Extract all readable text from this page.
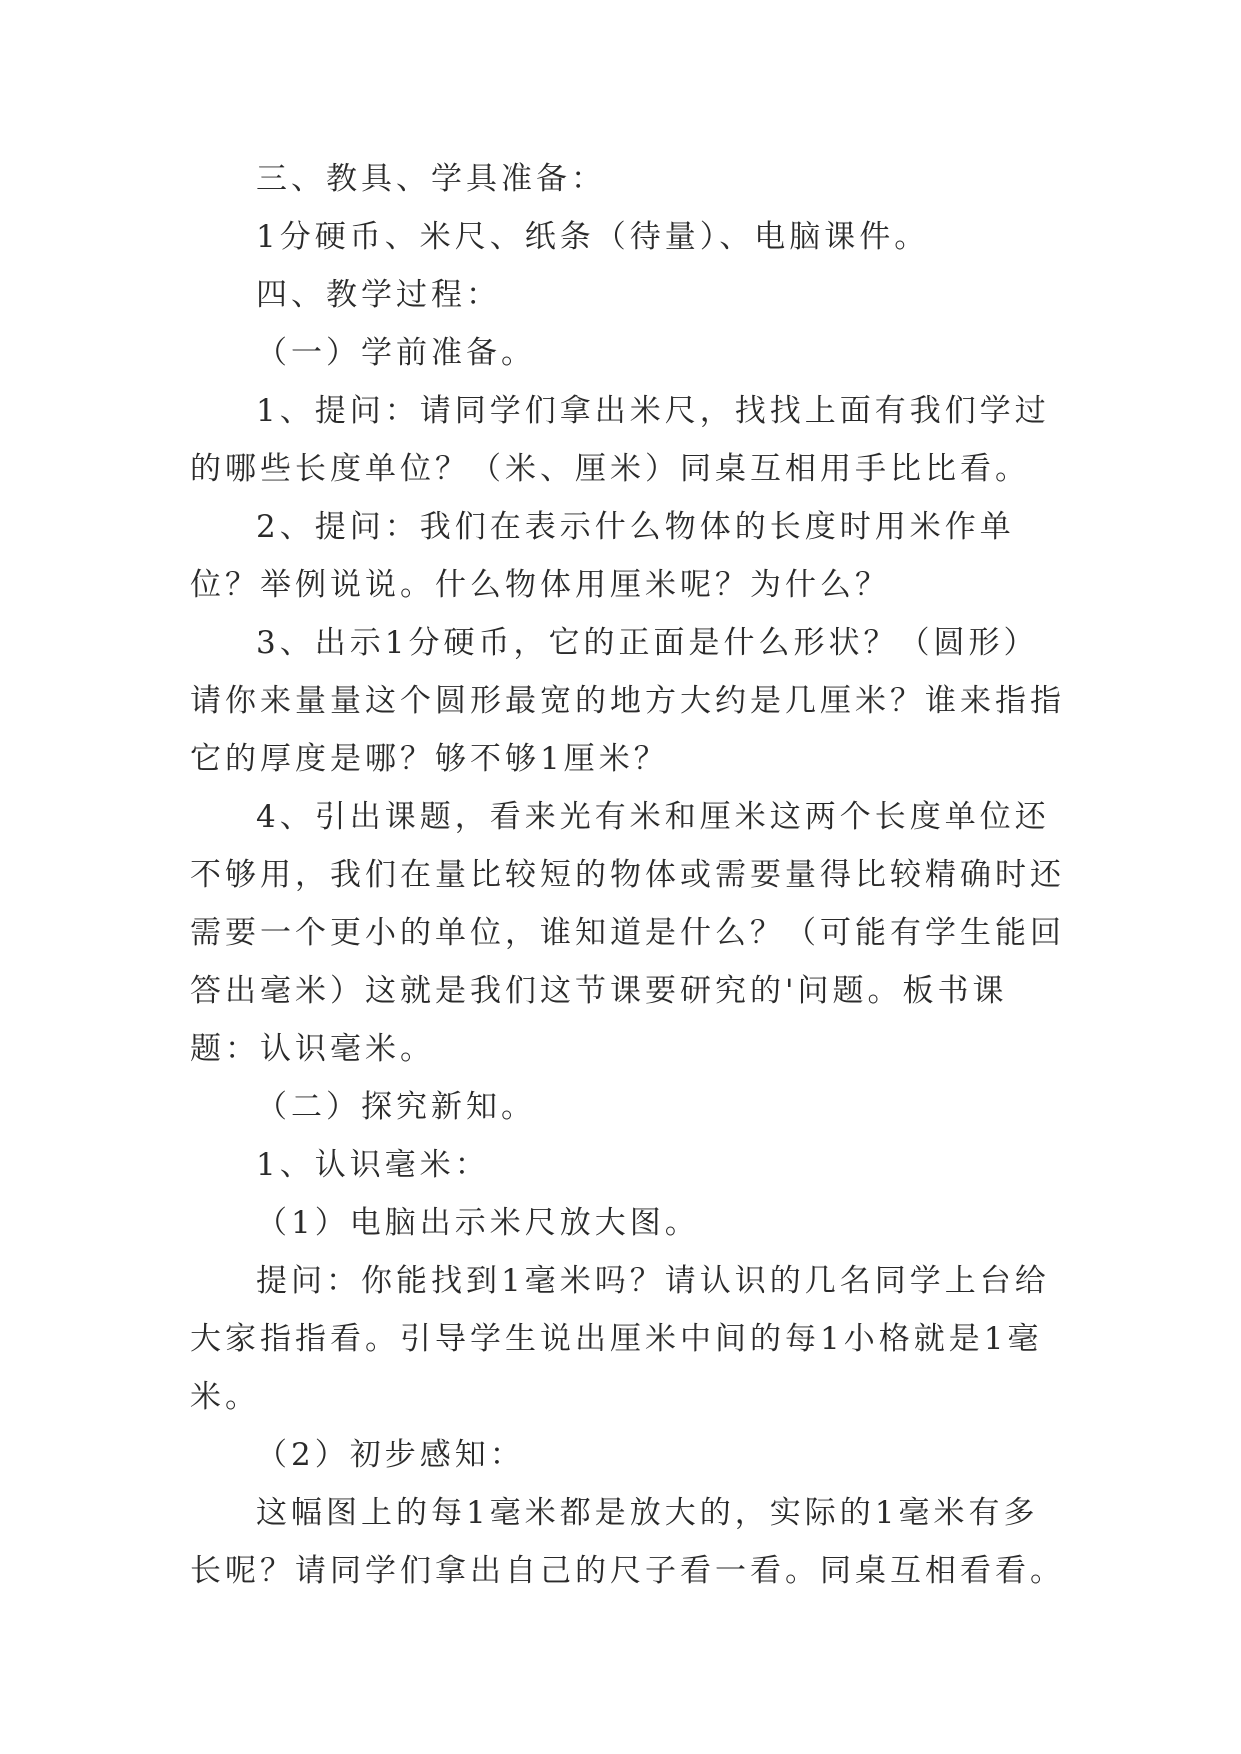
三、教具、学具准备：

1分硬币、米尺、纸条（待量）、电脑课件。

四、教学过程：

（一）学前准备。

1、提问：请同学们拿出米尺，找找上面有我们学过的哪些长度单位？（米、厘米）同桌互相用手比比看。

2、提问：我们在表示什么物体的长度时用米作单位？举例说说。什么物体用厘米呢？为什么？

3、出示1分硬币，它的正面是什么形状？（圆形）请你来量量这个圆形最宽的地方大约是几厘米？谁来指指它的厚度是哪？够不够1厘米？

4、引出课题，看来光有米和厘米这两个长度单位还不够用，我们在量比较短的物体或需要量得比较精确时还需要一个更小的单位，谁知道是什么？（可能有学生能回答出毫米）这就是我们这节课要研究的'问题。板书课题：认识毫米。

（二）探究新知。

1、认识毫米：

（1）电脑出示米尺放大图。

提问：你能找到1毫米吗？请认识的几名同学上台给大家指指看。引导学生说出厘米中间的每1小格就是1毫米。

（2）初步感知：

这幅图上的每1毫米都是放大的，实际的1毫米有多长呢？请同学们拿出自己的尺子看一看。同桌互相看看。
